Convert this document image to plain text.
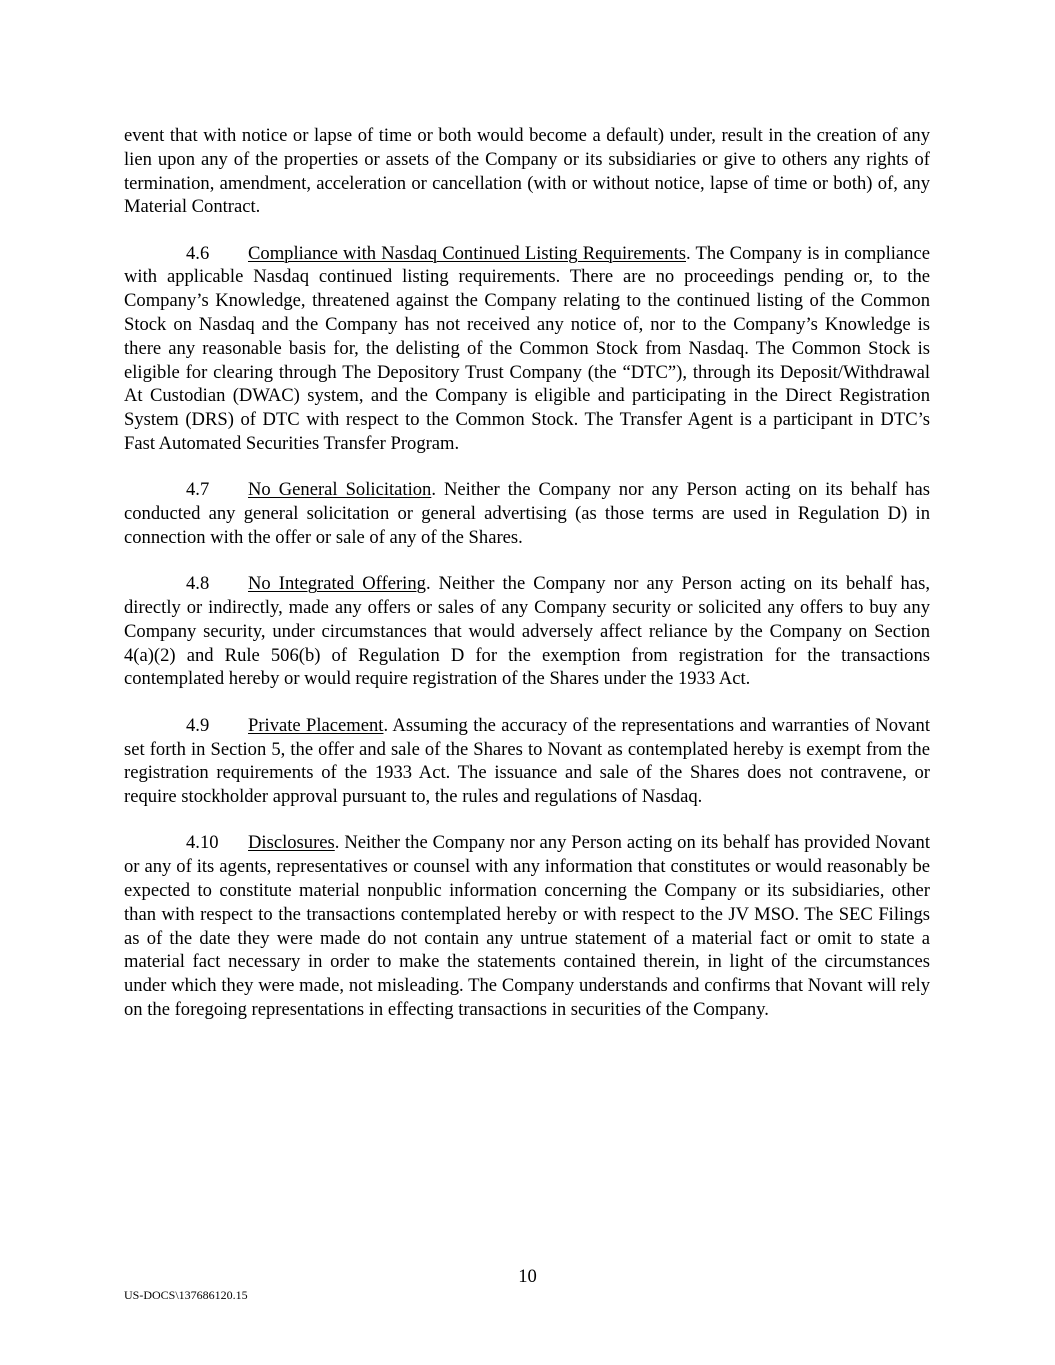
event that with notice or lapse of time or both would become a default) under, result in the creation of any lien upon any of the properties or assets of the Company or its subsidiaries or give to others any rights of termination, amendment, acceleration or cancellation (with or without notice, lapse of time or both) of, any Material Contract.

4.6 Compliance with Nasdaq Continued Listing Requirements. The Company is in compliance with applicable Nasdaq continued listing requirements. There are no proceedings pending or, to the Company’s Knowledge, threatened against the Company relating to the continued listing of the Common Stock on Nasdaq and the Company has not received any notice of, nor to the Company’s Knowledge is there any reasonable basis for, the delisting of the Common Stock from Nasdaq. The Common Stock is eligible for clearing through The Depository Trust Company (the “DTC”), through its Deposit/Withdrawal At Custodian (DWAC) system, and the Company is eligible and participating in the Direct Registration System (DRS) of DTC with respect to the Common Stock. The Transfer Agent is a participant in DTC’s Fast Automated Securities Transfer Program.

4.7 No General Solicitation. Neither the Company nor any Person acting on its behalf has conducted any general solicitation or general advertising (as those terms are used in Regulation D) in connection with the offer or sale of any of the Shares.

4.8 No Integrated Offering. Neither the Company nor any Person acting on its behalf has, directly or indirectly, made any offers or sales of any Company security or solicited any offers to buy any Company security, under circumstances that would adversely affect reliance by the Company on Section 4(a)(2) and Rule 506(b) of Regulation D for the exemption from registration for the transactions contemplated hereby or would require registration of the Shares under the 1933 Act.

4.9 Private Placement. Assuming the accuracy of the representations and warranties of Novant set forth in Section 5, the offer and sale of the Shares to Novant as contemplated hereby is exempt from the registration requirements of the 1933 Act. The issuance and sale of the Shares does not contravene, or require stockholder approval pursuant to, the rules and regulations of Nasdaq.

4.10 Disclosures. Neither the Company nor any Person acting on its behalf has provided Novant or any of its agents, representatives or counsel with any information that constitutes or would reasonably be expected to constitute material nonpublic information concerning the Company or its subsidiaries, other than with respect to the transactions contemplated hereby or with respect to the JV MSO. The SEC Filings as of the date they were made do not contain any untrue statement of a material fact or omit to state a material fact necessary in order to make the statements contained therein, in light of the circumstances under which they were made, not misleading. The Company understands and confirms that Novant will rely on the foregoing representations in effecting transactions in securities of the Company.

10
US-DOCS\137686120.15
